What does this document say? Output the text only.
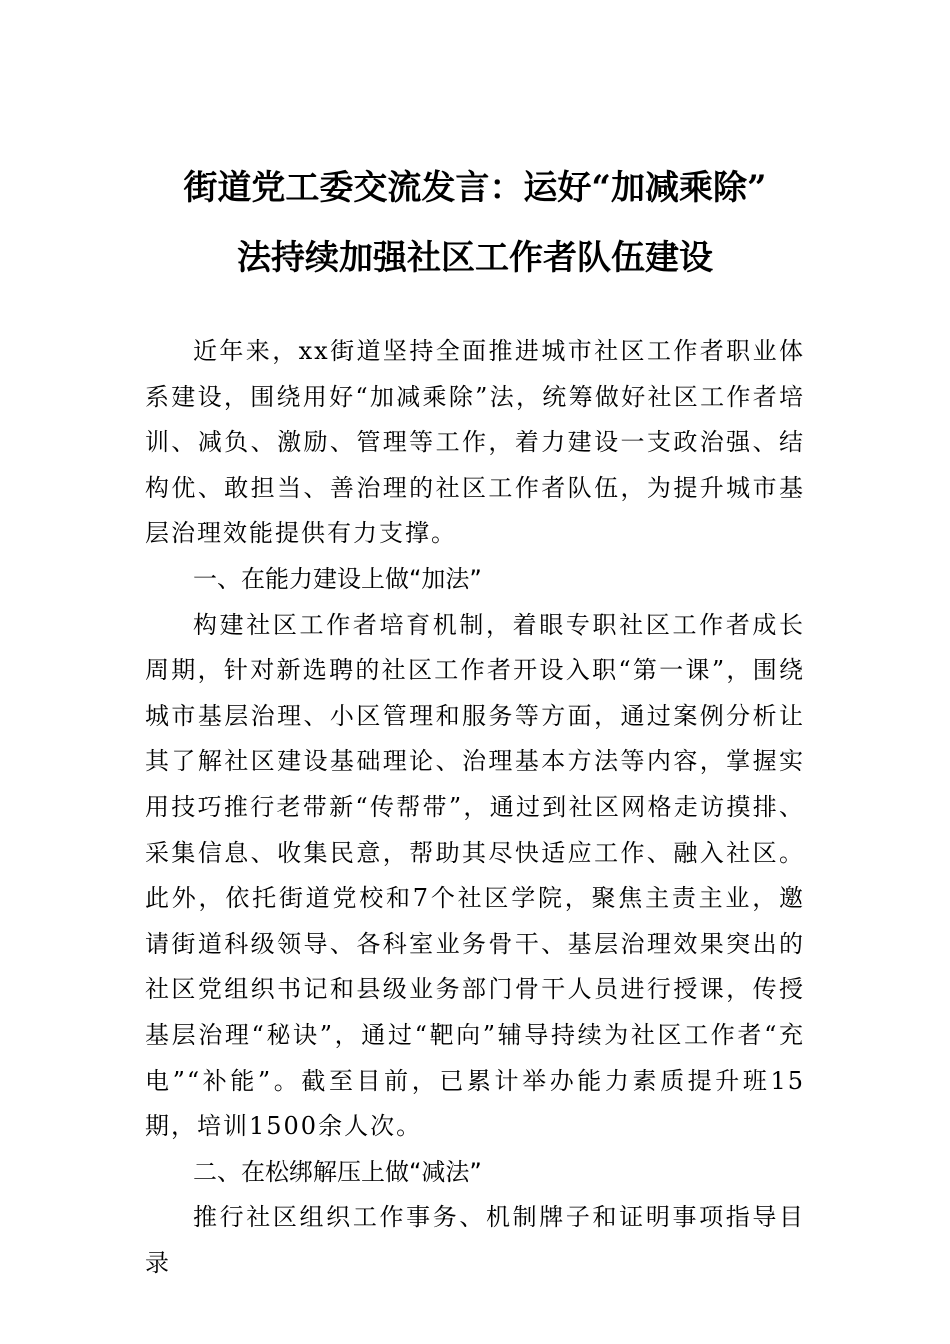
街道党工委交流发言：运好“加减乘除”
法持续加强社区工作者队伍建设

近年来，xx街道坚持全面推进城市社区工作者职业体系建设，围绕用好“加减乘除”法，统筹做好社区工作者培训、减负、激励、管理等工作，着力建设一支政治强、结构优、敢担当、善治理的社区工作者队伍，为提升城市基层治理效能提供有力支撑。

一、在能力建设上做“加法”

构建社区工作者培育机制，着眼专职社区工作者成长周期，针对新选聘的社区工作者开设入职“第一课”，围绕城市基层治理、小区管理和服务等方面，通过案例分析让其了解社区建设基础理论、治理基本方法等内容，掌握实用技巧推行老带新“传帮带”，通过到社区网格走访摸排、采集信息、收集民意，帮助其尽快适应工作、融入社区。此外，依托街道党校和7个社区学院，聚焦主责主业，邀请街道科级领导、各科室业务骨干、基层治理效果突出的社区党组织书记和县级业务部门骨干人员进行授课，传授基层治理“秘诀”，通过“靶向”辅导持续为社区工作者“充电”“补能”。截至目前，已累计举办能力素质提升班15期，培训1500余人次。

二、在松绑解压上做“减法”

推行社区组织工作事务、机制牌子和证明事项指导目录
